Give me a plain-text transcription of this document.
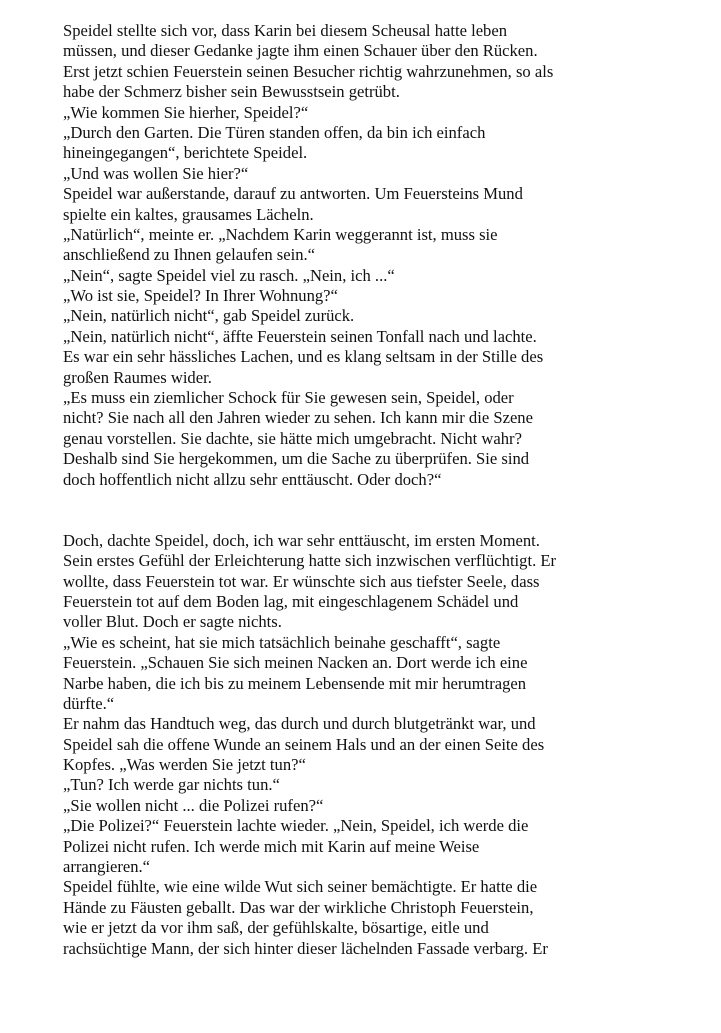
Speidel stellte sich vor, dass Karin bei diesem Scheusal hatte leben
müssen, und dieser Gedanke jagte ihm einen Schauer über den Rücken.
Erst jetzt schien Feuerstein seinen Besucher richtig wahrzunehmen, so als
habe der Schmerz bisher sein Bewusstsein getrübt.
„Wie kommen Sie hierher, Speidel?“
„Durch den Garten. Die Türen standen offen, da bin ich einfach
hineingegangen“, berichtete Speidel.
„Und was wollen Sie hier?“
Speidel war außerstande, darauf zu antworten. Um Feuersteins Mund
spielte ein kaltes, grausames Lächeln.
„Natürlich“, meinte er. „Nachdem Karin weggerannt ist, muss sie
anschließend zu Ihnen gelaufen sein.“
„Nein“, sagte Speidel viel zu rasch. „Nein, ich ...“
„Wo ist sie, Speidel? In Ihrer Wohnung?“
„Nein, natürlich nicht“, gab Speidel zurück.
„Nein, natürlich nicht“, äffte Feuerstein seinen Tonfall nach und lachte.
Es war ein sehr hässliches Lachen, und es klang seltsam in der Stille des
großen Raumes wider.
„Es muss ein ziemlicher Schock für Sie gewesen sein, Speidel, oder
nicht? Sie nach all den Jahren wieder zu sehen. Ich kann mir die Szene
genau vorstellen. Sie dachte, sie hätte mich umgebracht. Nicht wahr?
Deshalb sind Sie hergekommen, um die Sache zu überprüfen. Sie sind
doch hoffentlich nicht allzu sehr enttäuscht. Oder doch?“
Doch, dachte Speidel, doch, ich war sehr enttäuscht, im ersten Moment.
Sein erstes Gefühl der Erleichterung hatte sich inzwischen verflüchtigt. Er
wollte, dass Feuerstein tot war. Er wünschte sich aus tiefster Seele, dass
Feuerstein tot auf dem Boden lag, mit eingeschlagenem Schädel und
voller Blut. Doch er sagte nichts.
„Wie es scheint, hat sie mich tatsächlich beinahe geschafft“, sagte
Feuerstein. „Schauen Sie sich meinen Nacken an. Dort werde ich eine
Narbe haben, die ich bis zu meinem Lebensende mit mir herumtragen
dürfte.“
Er nahm das Handtuch weg, das durch und durch blutgetränkt war, und
Speidel sah die offene Wunde an seinem Hals und an der einen Seite des
Kopfes. „Was werden Sie jetzt tun?“
„Tun? Ich werde gar nichts tun.“
„Sie wollen nicht ... die Polizei rufen?“
„Die Polizei?“ Feuerstein lachte wieder. „Nein, Speidel, ich werde die
Polizei nicht rufen. Ich werde mich mit Karin auf meine Weise
arrangieren.“
Speidel fühlte, wie eine wilde Wut sich seiner bemächtigte. Er hatte die
Hände zu Fäusten geballt. Das war der wirkliche Christoph Feuerstein,
wie er jetzt da vor ihm saß, der gefühlskalte, bösartige, eitle und
rachsüchtige Mann, der sich hinter dieser lächelnden Fassade verbarg. Er
